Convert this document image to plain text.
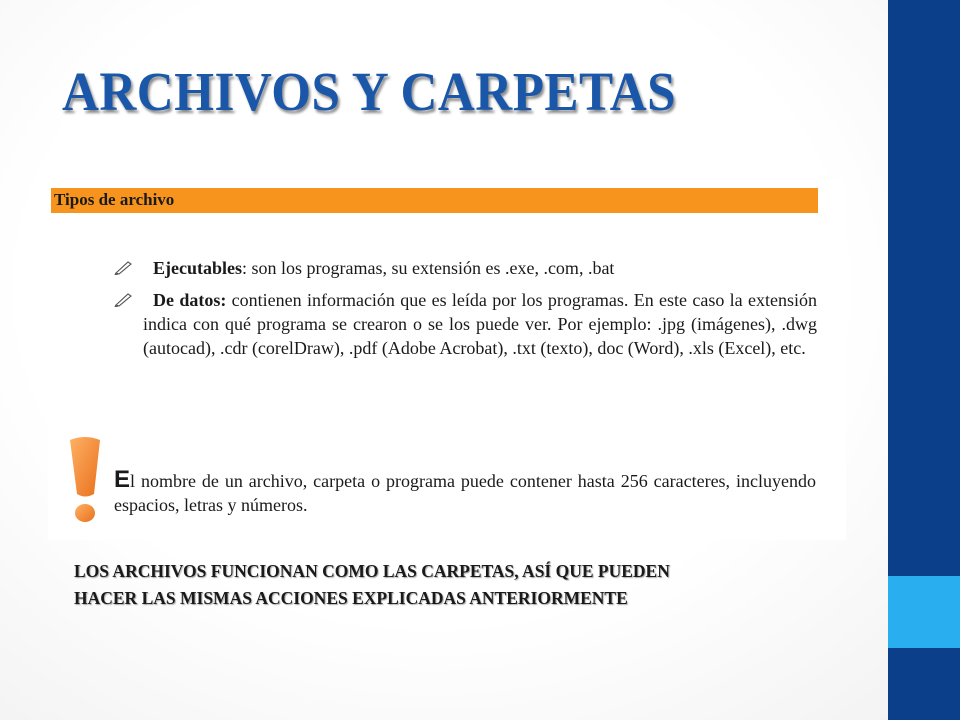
ARCHIVOS Y CARPETAS
Tipos de archivo
Ejecutables: son los programas, su extensión es .exe, .com, .bat
De datos: contienen información que es leída por los programas. En este caso la extensión indica con qué programa se crearon o se los puede ver. Por ejemplo: .jpg (imágenes), .dwg (autocad), .cdr (corelDraw), .pdf (Adobe Acrobat), .txt (texto), doc (Word), .xls (Excel), etc.
El nombre de un archivo, carpeta o programa puede contener hasta 256 caracteres, incluyendo espacios, letras y números.

LOS ARCHIVOS FUNCIONAN COMO LAS CARPETAS, ASÍ QUE PUEDEN
HACER LAS MISMAS ACCIONES EXPLICADAS ANTERIORMENTE
